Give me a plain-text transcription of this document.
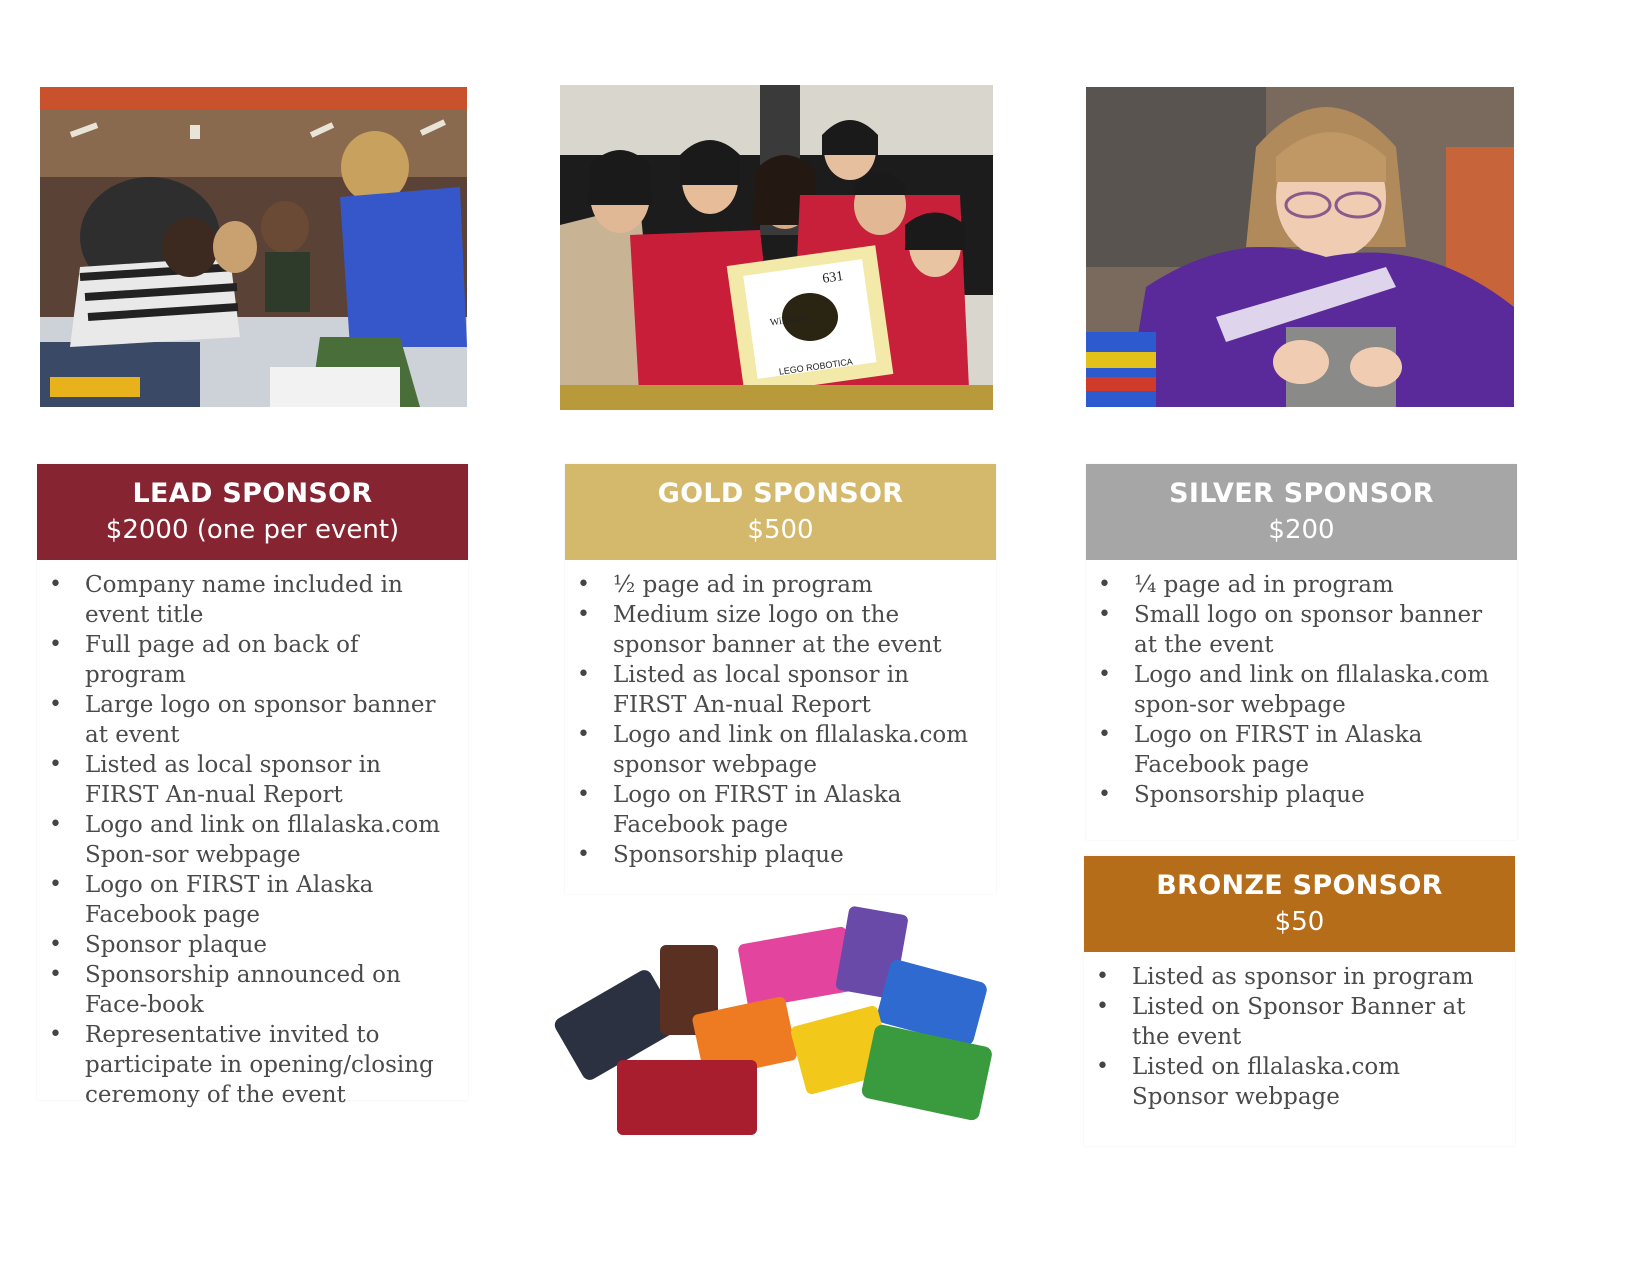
631
Williwaw
LEGO ROBOTICA
LEAD SPONSOR
$2000 (one per event)
• Company name included in event title
• Full page ad on back of program
• Large logo on sponsor banner at event
• Listed as local sponsor in FIRST An-nual Report
• Logo and link on fllalaska.com Spon-sor webpage
• Logo on FIRST in Alaska Facebook page
• Sponsor plaque
• Sponsorship announced on Face-book
• Representative invited to participate in opening/closing ceremony of the event
GOLD SPONSOR
$500
• ½ page ad in program
• Medium size logo on the sponsor banner at the event
• Listed as local sponsor in FIRST An-nual Report
• Logo and link on fllalaska.com sponsor webpage
• Logo on FIRST in Alaska Facebook page
• Sponsorship plaque
SILVER SPONSOR
$200
• ¼ page ad in program
• Small logo on sponsor banner at the event
• Logo and link on fllalaska.com spon-sor webpage
• Logo on FIRST in Alaska Facebook page
• Sponsorship plaque
BRONZE SPONSOR
$50
• Listed as sponsor in program
• Listed on Sponsor Banner at the event
• Listed on fllalaska.com Sponsor webpage
